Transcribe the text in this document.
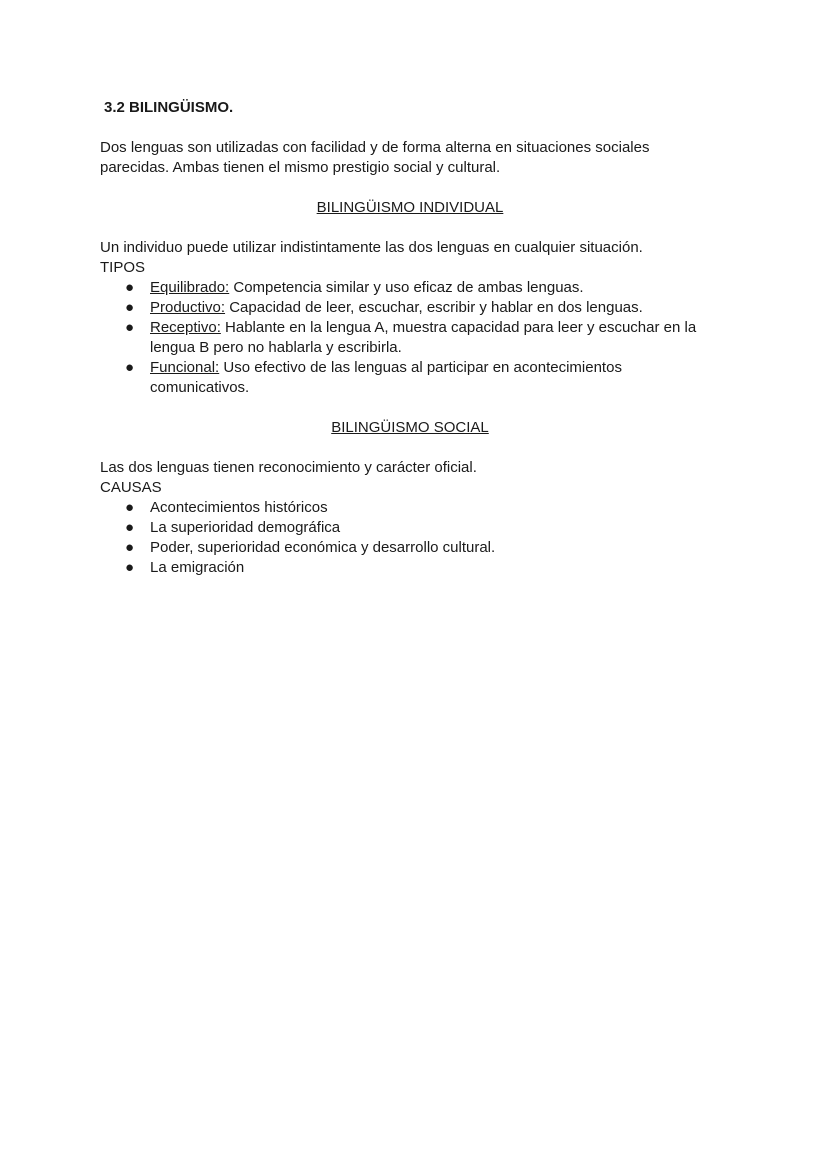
3.2 BILINGÜISMO.

Dos lenguas son utilizadas con facilidad y de forma alterna en situaciones sociales parecidas. Ambas tienen el mismo prestigio social y cultural.

BILINGÜISMO INDIVIDUAL

Un individuo puede utilizar indistintamente las dos lenguas en cualquier situación.

TIPOS

● Equilibrado: Competencia similar y uso eficaz de ambas lenguas.
● Productivo: Capacidad de leer, escuchar, escribir y hablar en dos lenguas.
● Receptivo: Hablante en la lengua A, muestra capacidad para leer y escuchar en la lengua B pero no hablarla y escribirla.
● Funcional: Uso efectivo de las lenguas al participar en acontecimientos comunicativos.

BILINGÜISMO SOCIAL

Las dos lenguas tienen reconocimiento y carácter oficial.

CAUSAS

● Acontecimientos históricos
● La superioridad demográfica
● Poder, superioridad económica y desarrollo cultural.
● La emigración
